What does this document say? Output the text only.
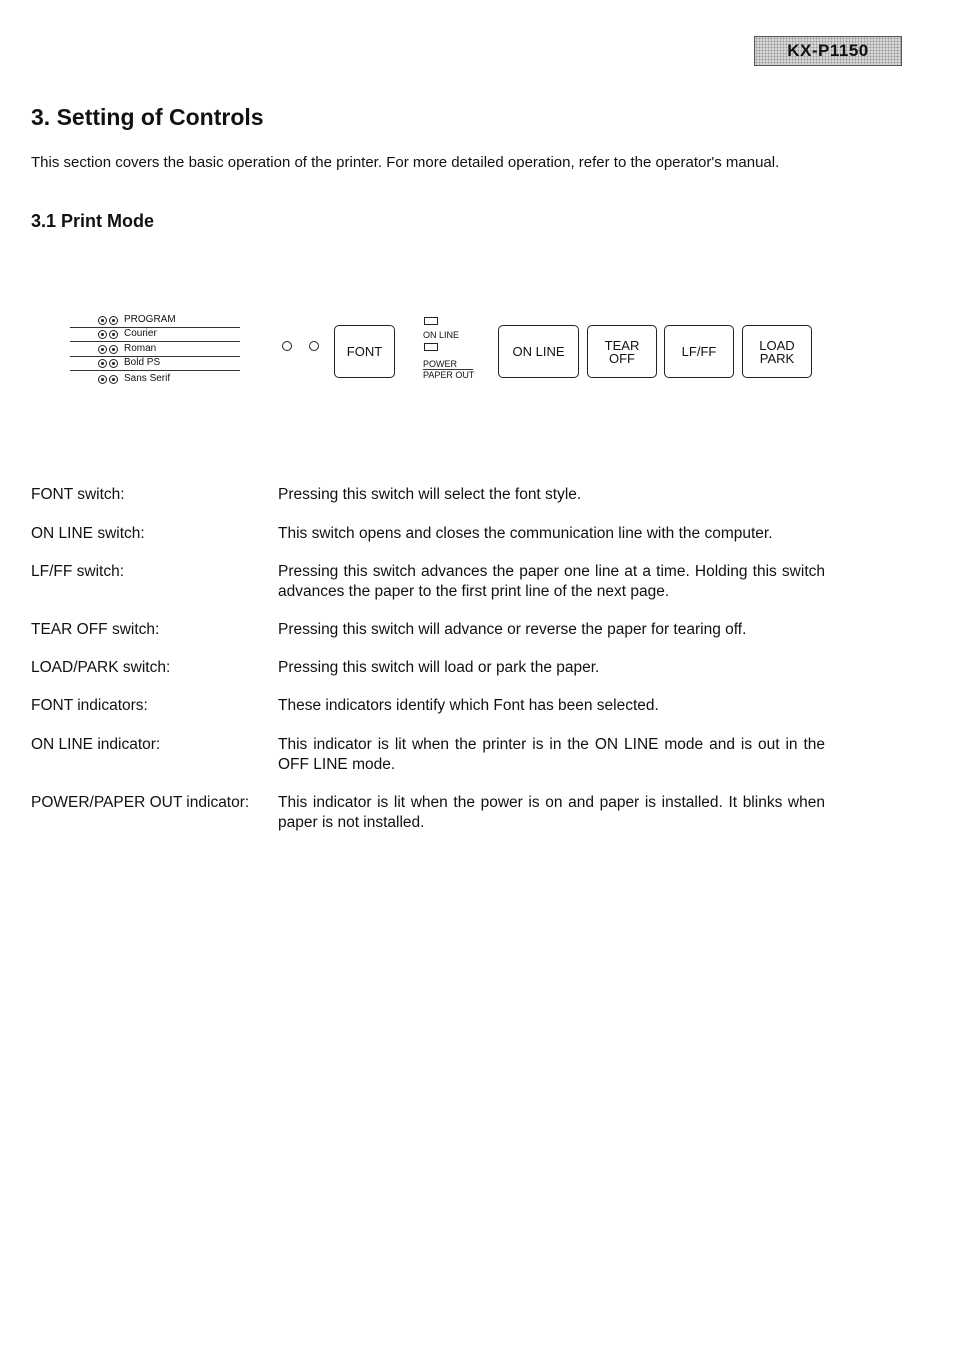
KX-P1150
3. Setting of Controls

This section covers the basic operation of the printer. For more detailed operation, refer to the operator's manual.

3.1 Print Mode
PROGRAM
Courier
Roman
Bold PS
Sans Serif
FONT
ON LINE
POWER
PAPER OUT
ON LINE	TEAR
OFF	LF/FF	LOAD
PARK
FONT switch:	Pressing this switch will select the font style.
ON LINE switch:	This switch opens and closes the communication line with the computer.
LF/FF switch:	Pressing this switch advances the paper one line at a time. Holding this switch advances the paper to the first print line of the next page.
TEAR OFF switch:	Pressing this switch will advance or reverse the paper for tearing off.
LOAD/PARK switch:	Pressing this switch will load or park the paper.
FONT indicators:	These indicators identify which Font has been selected.
ON LINE indicator:	This indicator is lit when the printer is in the ON LINE mode and is out in the OFF LINE mode.
POWER/PAPER OUT indicator:	This indicator is lit when the power is on and paper is installed. It blinks when paper is not installed.
